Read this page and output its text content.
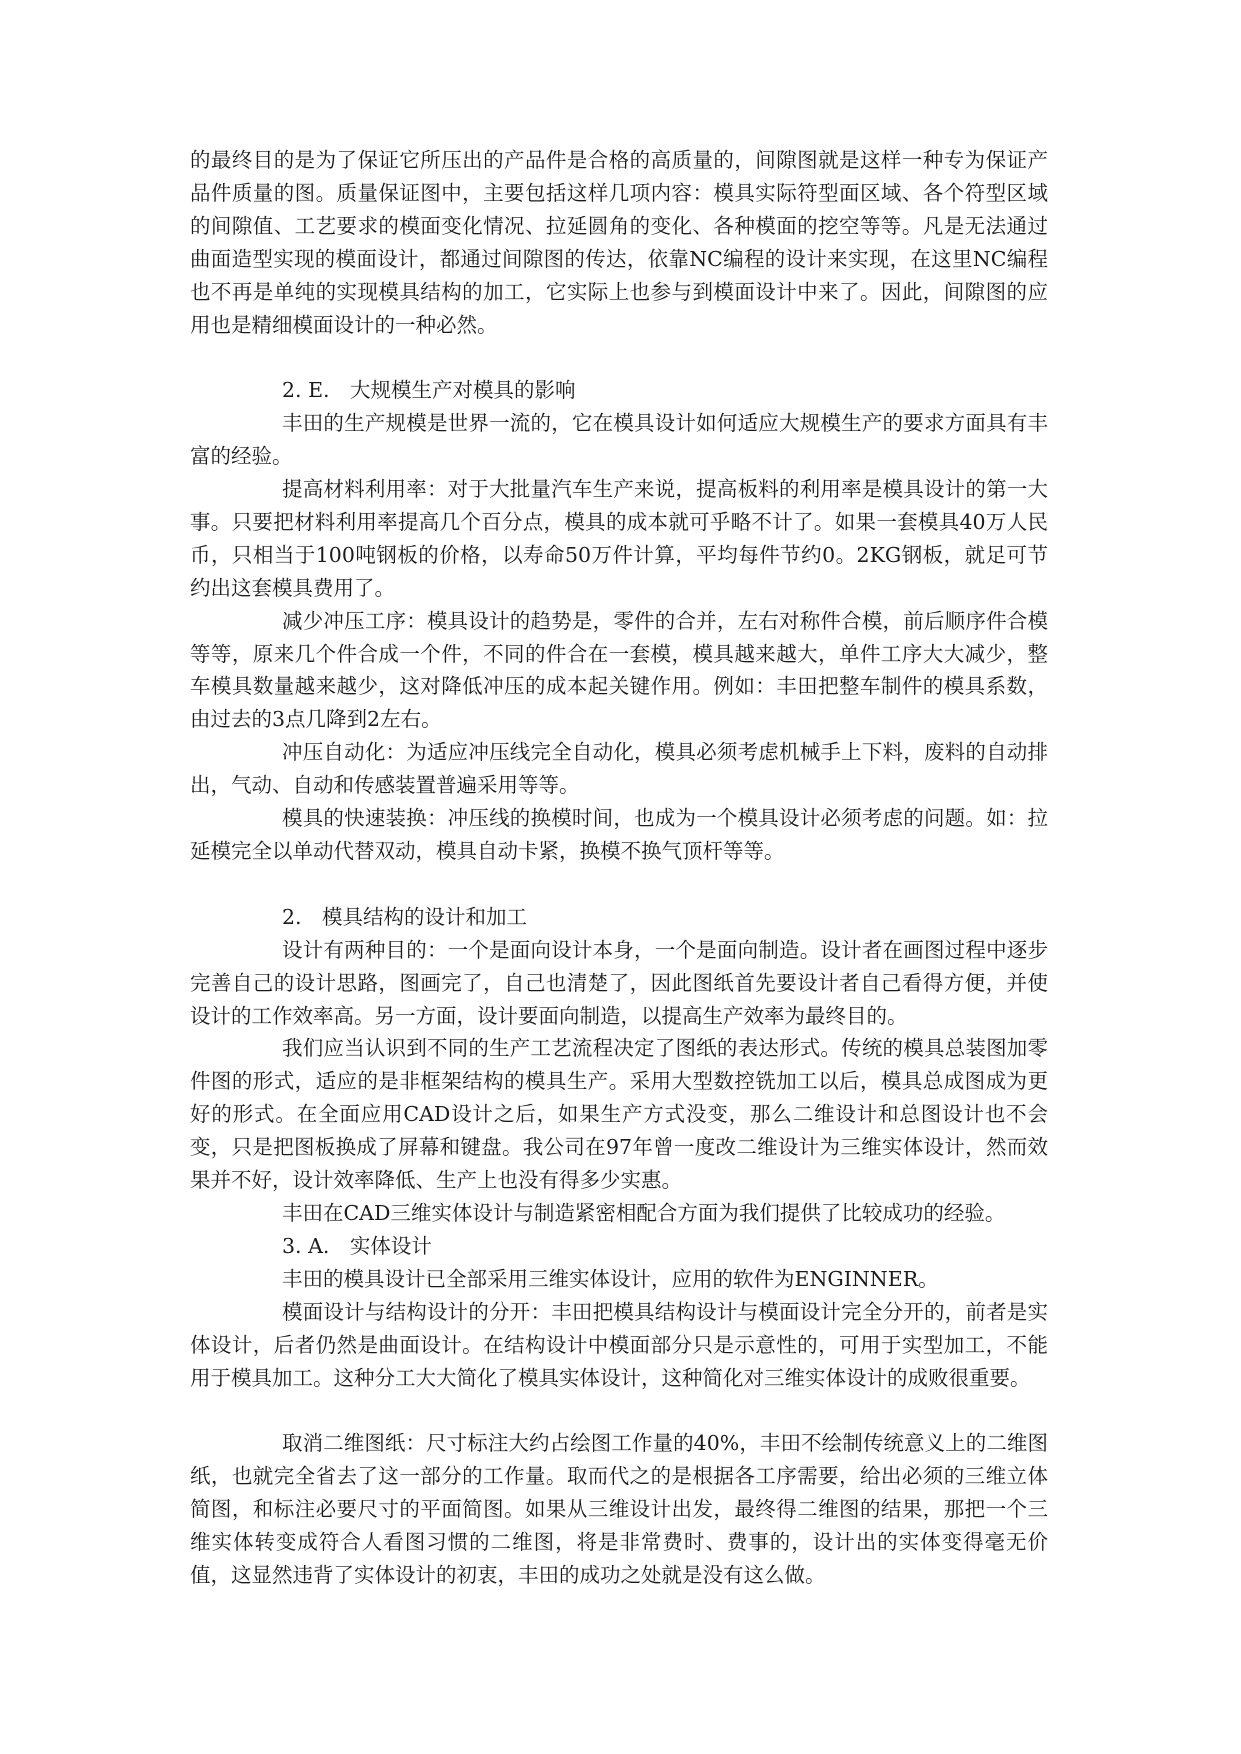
的最终目的是为了保证它所压出的产品件是合格的高质量的，间隙图就是这样一种专为保证产品件质量的图。质量保证图中，主要包括这样几项内容：模具实际符型面区域、各个符型区域的间隙值、工艺要求的模面变化情况、拉延圆角的变化、各种模面的挖空等等。凡是无法通过曲面造型实现的模面设计，都通过间隙图的传达，依靠NC编程的设计来实现，在这里NC编程也不再是单纯的实现模具结构的加工，它实际上也参与到模面设计中来了。因此，间隙图的应用也是精细模面设计的一种必然。

2. E.　大规模生产对模具的影响

丰田的生产规模是世界一流的，它在模具设计如何适应大规模生产的要求方面具有丰富的经验。

提高材料利用率：对于大批量汽车生产来说，提高板料的利用率是模具设计的第一大事。只要把材料利用率提高几个百分点，模具的成本就可乎略不计了。如果一套模具40万人民币，只相当于100吨钢板的价格，以寿命50万件计算，平均每件节约0。2KG钢板，就足可节约出这套模具费用了。

减少冲压工序：模具设计的趋势是，零件的合并，左右对称件合模，前后顺序件合模等等，原来几个件合成一个件，不同的件合在一套模，模具越来越大，单件工序大大减少，整车模具数量越来越少，这对降低冲压的成本起关键作用。例如：丰田把整车制件的模具系数，由过去的3点几降到2左右。

冲压自动化：为适应冲压线完全自动化，模具必须考虑机械手上下料，废料的自动排出，气动、自动和传感装置普遍采用等等。

模具的快速装换：冲压线的换模时间，也成为一个模具设计必须考虑的问题。如：拉延模完全以单动代替双动，模具自动卡紧，换模不换气顶杆等等。

2.　模具结构的设计和加工

设计有两种目的：一个是面向设计本身，一个是面向制造。设计者在画图过程中逐步完善自己的设计思路，图画完了，自己也清楚了，因此图纸首先要设计者自己看得方便，并使设计的工作效率高。另一方面，设计要面向制造，以提高生产效率为最终目的。

我们应当认识到不同的生产工艺流程决定了图纸的表达形式。传统的模具总装图加零件图的形式，适应的是非框架结构的模具生产。采用大型数控铣加工以后，模具总成图成为更好的形式。在全面应用CAD设计之后，如果生产方式没变，那么二维设计和总图设计也不会变，只是把图板换成了屏幕和键盘。我公司在97年曾一度改二维设计为三维实体设计，然而效果并不好，设计效率降低、生产上也没有得多少实惠。

丰田在CAD三维实体设计与制造紧密相配合方面为我们提供了比较成功的经验。

3. A.　实体设计

丰田的模具设计已全部采用三维实体设计，应用的软件为ENGINNER。

模面设计与结构设计的分开：丰田把模具结构设计与模面设计完全分开的，前者是实体设计，后者仍然是曲面设计。在结构设计中模面部分只是示意性的，可用于实型加工，不能用于模具加工。这种分工大大简化了模具实体设计，这种简化对三维实体设计的成败很重要。

取消二维图纸：尺寸标注大约占绘图工作量的40%，丰田不绘制传统意义上的二维图纸，也就完全省去了这一部分的工作量。取而代之的是根据各工序需要，给出必须的三维立体简图，和标注必要尺寸的平面简图。如果从三维设计出发，最终得二维图的结果，那把一个三维实体转变成符合人看图习惯的二维图，将是非常费时、费事的，设计出的实体变得毫无价值，这显然违背了实体设计的初衷，丰田的成功之处就是没有这么做。
